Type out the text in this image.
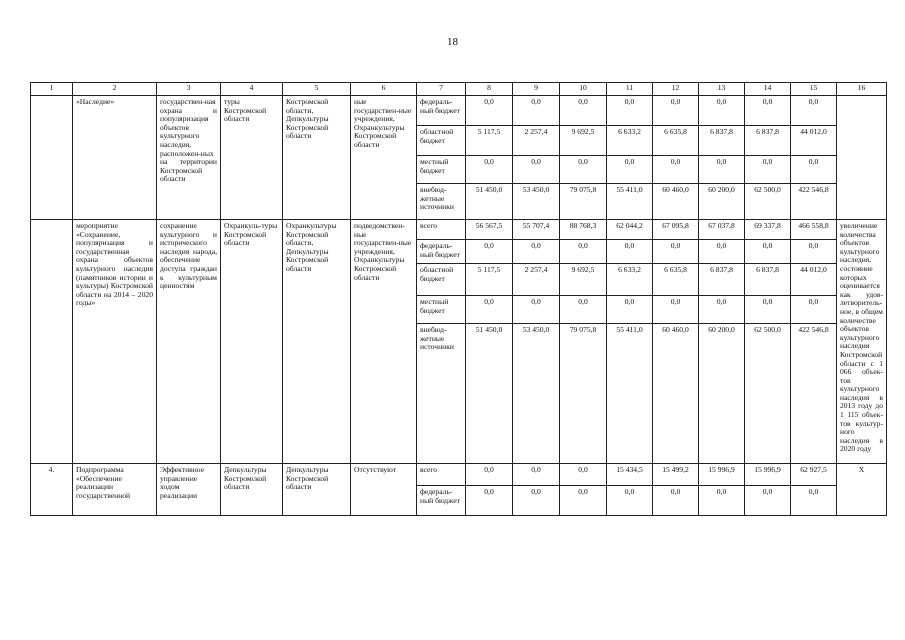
18
1	2	3	4	5	6	7	8	9	10	11	12	13	14	15	16
	«Наследие»	государствен-ная охрана и популяризация объектов культурного наследия, расположен-ных на территории Костромской области	туры Костромской области	Костромской области, Депкультуры Костромской области	ные государствен-ные учреждения, Охранкультуры Костромской области	федераль-ный бюджет	0,0	0,0	0,0	0,0	0,0	0,0	0,0	0,0	
						областной бюджет	5 117,5	2 257,4	9 692,5	6 633,2	6 635,8	6 837,8	6 837,8	44 012,0	
						местный бюджет	0,0	0,0	0,0	0,0	0,0	0,0	0,0	0,0	
						внебюд-жетные источники	51 450,0	53 450,0	79 075,8	55 411,0	60 460,0	60 200,0	62 500,0	422 546,8	
	мероприятие «Сохранение, популяризация и государственная охрана объектов культурного наследия (памятников истории и культуры) Костромской области на 2014 – 2020 годы»	сохранение культурного и исторического наследия народа, обеспечение доступа граждан к культурным ценностям	Охранкуль-туры Костромской области	Охранкультуры Костромской области, Депкультуры Костромской области	подведомствен-ные государствен-ные учреждения, Охранкультуры Костромской области	всего	56 567,5	55 707,4	88 768,3	62 044,2	67 095,8	67 037,8	69 337,8	466 558,8	увеличение количества объектов культурного наследия, состояние которых оценивается как удов-летворитель-ное, в общем количестве объектов культурного наследия Костромской области с 1 066 объек-тов культурного наследия в 2013 году до 1 115 объек-тов культур-ного наследия в 2020 году
						федераль-ный бюджет	0,0	0,0	0,0	0,0	0,0	0,0	0,0	0,0	
						областной бюджет	5 117,5	2 257,4	9 692,5	6 633,2	6 635,8	6 837,8	6 837,8	44 012,0	
						местный бюджет	0,0	0,0	0,0	0,0	0,0	0,0	0,0	0,0	
						внебюд-жетные источники	51 450,0	53 450,0	79 075,8	55 411,0	60 460,0	60 200,0	62 500,0	422 546,8	
4.	Подпрограмма «Обеспечение реализации государственной	Эффективное управление ходом реализации	Депкультуры Костромской области	Депкультуры Костромской области	Отсутствуют	всего	0,0	0,0	0,0	15 434,5	15 499,2	15 996,9	15 996,9	62 927,5	X
						федераль-ный бюджет	0,0	0,0	0,0	0,0	0,0	0,0	0,0	0,0	
